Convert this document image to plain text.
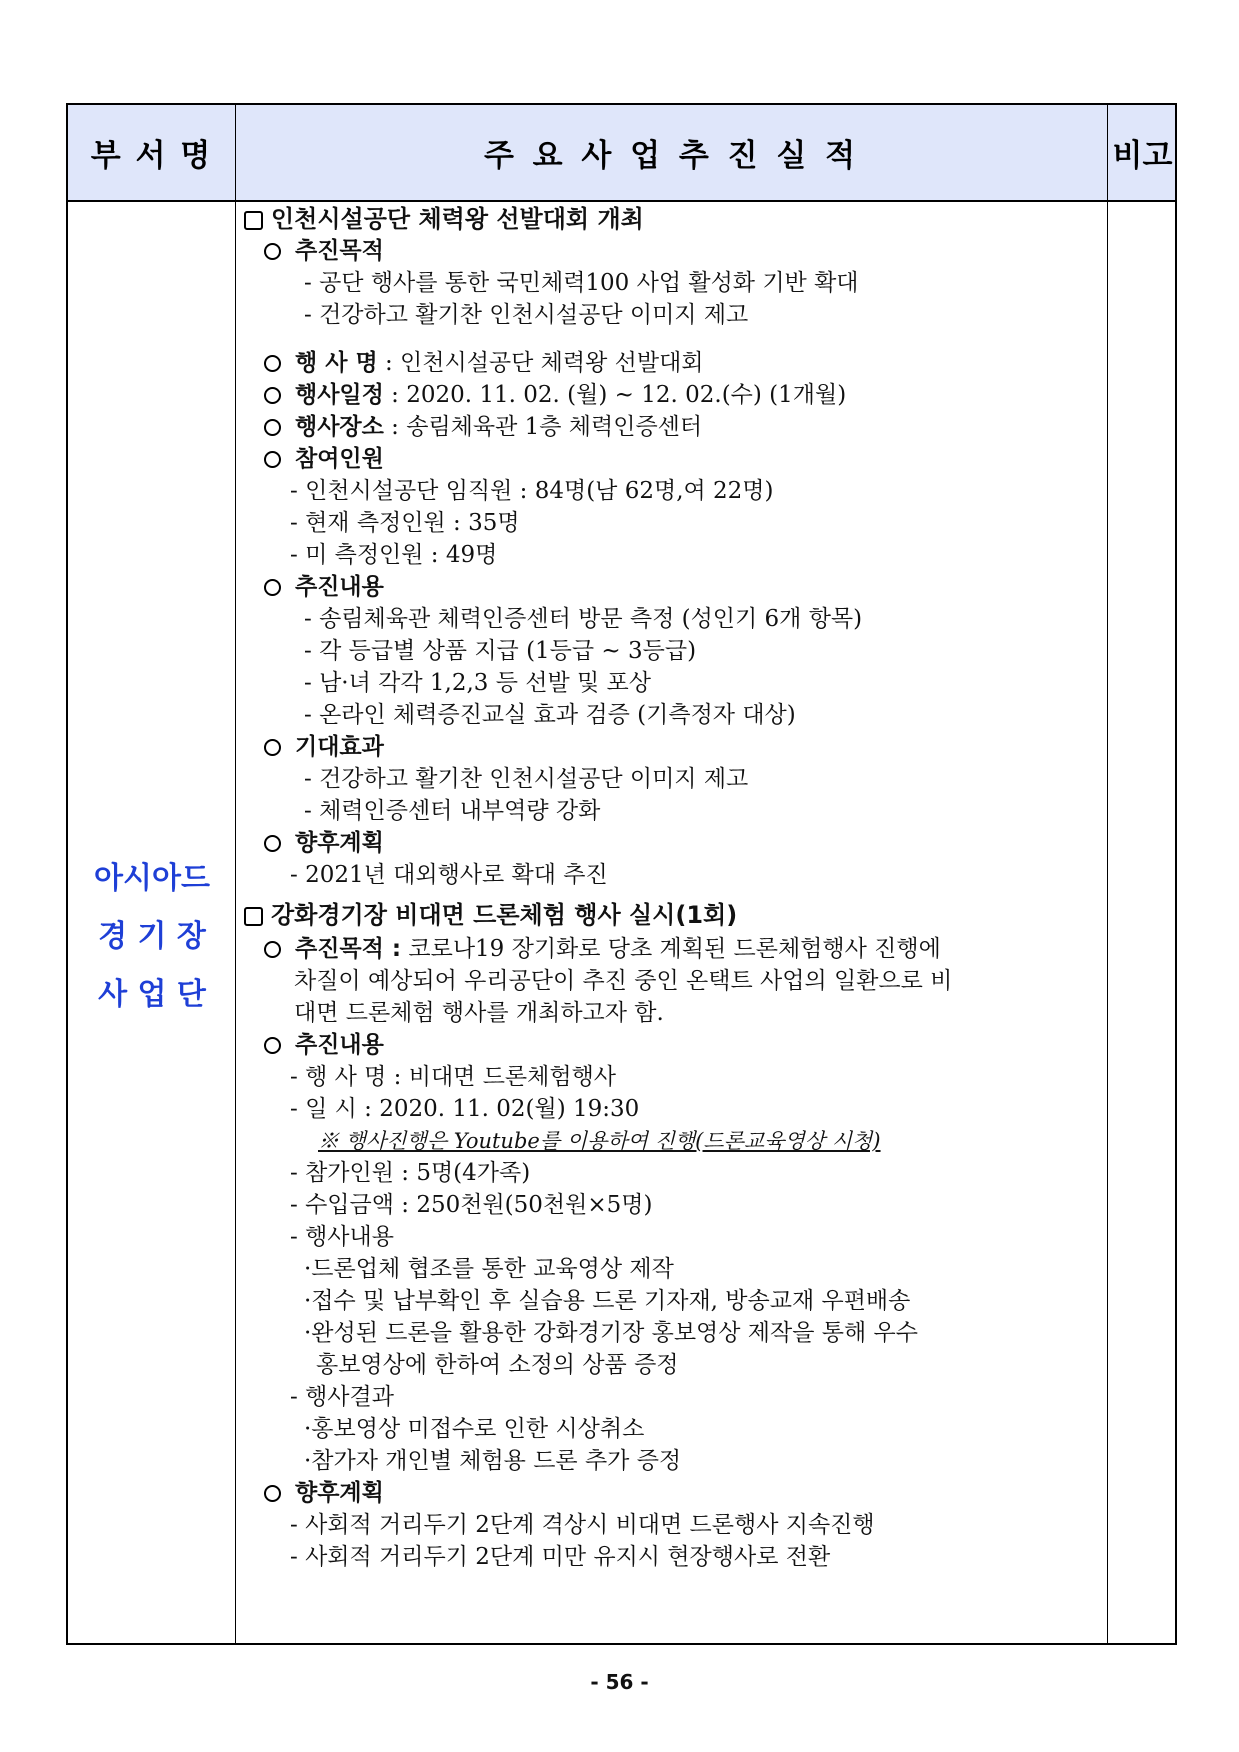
부 서 명	주 요 사 업 추 진 실 적	비고
아시아드
경 기 장
사 업 단
인천시설공단 체력왕 선발대회 개최
추진목적
- 공단 행사를 통한 국민체력100 사업 활성화 기반 확대
- 건강하고 활기찬 인천시설공단 이미지 제고
행 사 명 : 인천시설공단 체력왕 선발대회
행사일정 : 2020. 11. 02. (월) ~ 12. 02.(수) (1개월)
행사장소 : 송림체육관 1층 체력인증센터
참여인원
- 인천시설공단 임직원 : 84명(남 62명,여 22명)
- 현재 측정인원 : 35명
- 미 측정인원 : 49명
추진내용
- 송림체육관 체력인증센터 방문 측정 (성인기 6개 항목)
- 각 등급별 상품 지급 (1등급 ~ 3등급)
- 남·녀 각각 1,2,3 등 선발 및 포상
- 온라인 체력증진교실 효과 검증 (기측정자 대상)
기대효과
- 건강하고 활기찬 인천시설공단 이미지 제고
- 체력인증센터 내부역량 강화
향후계획
- 2021년 대외행사로 확대 추진
강화경기장 비대면 드론체험 행사 실시(1회)
추진목적 : 코로나19 장기화로 당초 계획된 드론체험행사 진행에
차질이 예상되어 우리공단이 추진 중인 온택트 사업의 일환으로 비
대면 드론체험 행사를 개최하고자 함.
추진내용
- 행 사 명 : 비대면 드론체험행사
- 일 시 : 2020. 11. 02(월) 19:30
※ 행사진행은 Youtube를 이용하여 진행(드론교육영상 시청)
- 참가인원 : 5명(4가족)
- 수입금액 : 250천원(50천원×5명)
- 행사내용
·드론업체 협조를 통한 교육영상 제작
·접수 및 납부확인 후 실습용 드론 기자재, 방송교재 우편배송
·완성된 드론을 활용한 강화경기장 홍보영상 제작을 통해 우수
홍보영상에 한하여 소정의 상품 증정
- 행사결과
·홍보영상 미접수로 인한 시상취소
·참가자 개인별 체험용 드론 추가 증정
향후계획
- 사회적 거리두기 2단계 격상시 비대면 드론행사 지속진행
- 사회적 거리두기 2단계 미만 유지시 현장행사로 전환
- 56 -
